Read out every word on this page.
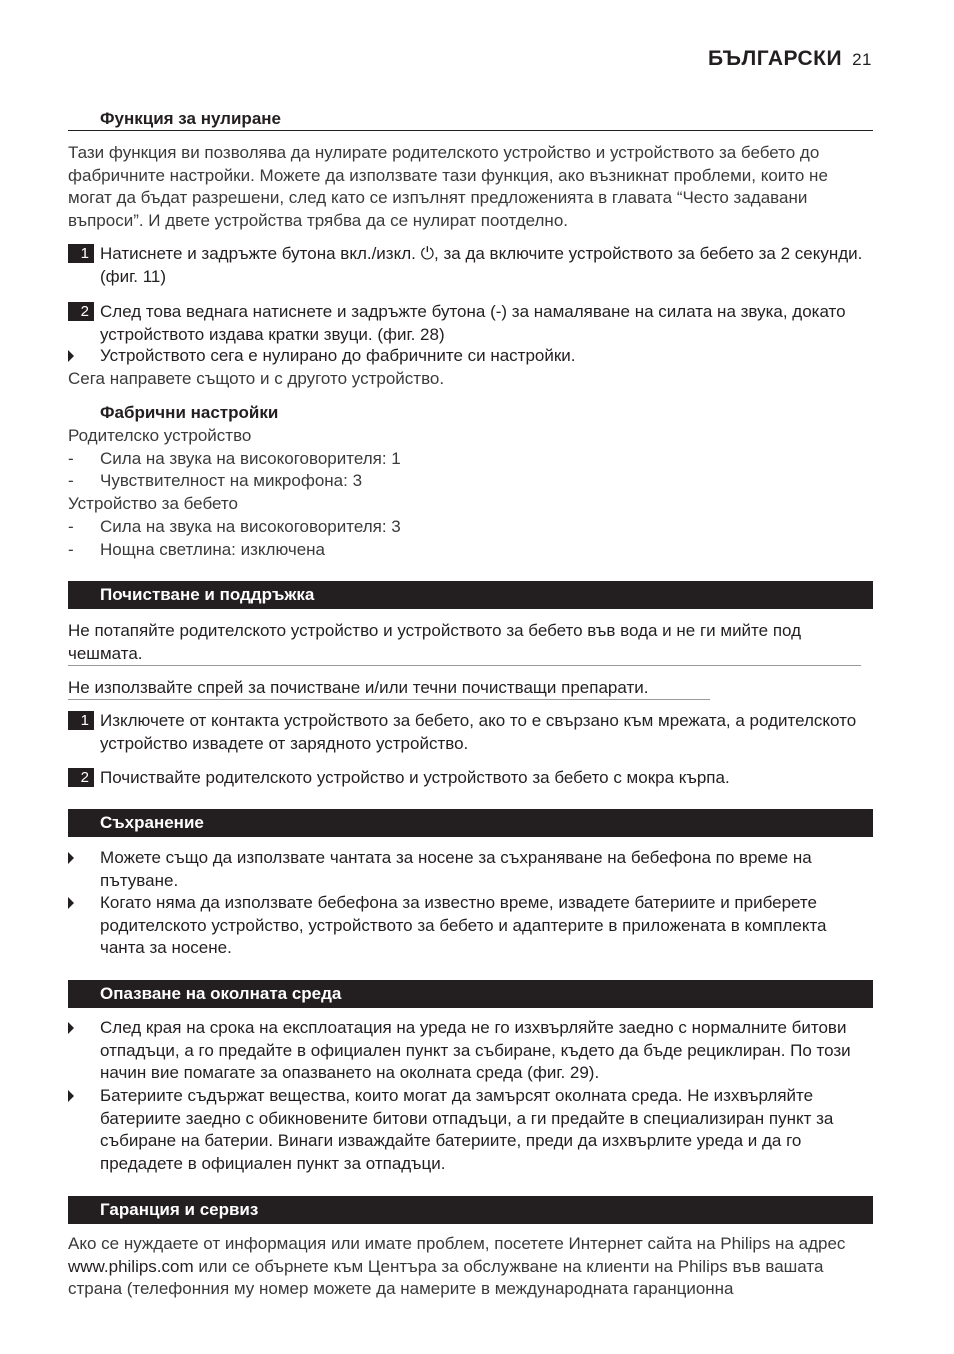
БЪЛГАРСКИ 21
Функция за нулиране
Тази функция ви позволява да нулирате родителското устройство и устройството за бебето до фабричните настройки. Можете да използвате тази функция, ако възникнат проблеми, които не могат да бъдат разрешени, след като се изпълнят предложенията в главата “Често задавани въпроси”. И двете устройства трябва да се нулират поотделно.
1 Натиснете и задръжте бутона вкл./изкл. ⏻, за да включите устройството за бебето за 2 секунди. (фиг. 11)
2 След това веднага натиснете и задръжте бутона (-) за намаляване на силата на звука, докато устройството издава кратки звуци. (фиг. 28)
Устройството сега е нулирано до фабричните си настройки.
Сега направете същото и с другото устройство.
Фабрични настройки
Родителско устройство
- Сила на звука на високоговорителя: 1
- Чувствителност на микрофона: 3
Устройство за бебето
- Сила на звука на високоговорителя: 3
- Нощна светлина: изключена
Почистване и поддръжка
Не потапяйте родителското устройство и устройството за бебето във вода и не ги мийте под чешмата.
Не използвайте спрей за почистване и/или течни почистващи препарати.
1 Изключете от контакта устройството за бебето, ако то е свързано към мрежата, а родителското устройство извадете от зарядното устройство.
2 Почиствайте родителското устройство и устройството за бебето с мокра кърпа.
Съхранение
Можете също да използвате чантата за носене за съхраняване на бебефона по време на пътуване.
Когато няма да използвате бебефона за известно време, извадете батериите и приберете родителското устройство, устройството за бебето и адаптерите в приложената в комплекта чанта за носене.
Опазване на околната среда
След края на срока на експлоатация на уреда не го изхвърляйте заедно с нормалните битови отпадъци, а го предайте в официален пункт за събиране, където да бъде рециклиран. По този начин вие помагате за опазването на околната среда (фиг. 29).
Батериите съдържат вещества, които могат да замърсят околната среда. Не изхвърляйте батериите заедно с обикновените битови отпадъци, а ги предайте в специализиран пункт за събиране на батерии. Винаги изваждайте батериите, преди да изхвърлите уреда и да го предадете в официален пункт за отпадъци.
Гаранция и сервиз
Ако се нуждаете от информация или имате проблем, посетете Интернет сайта на Philips на адрес www.philips.com или се обърнете към Центъра за обслужване на клиенти на Philips във вашата страна (телефонния му номер можете да намерите в международната гаранционна
